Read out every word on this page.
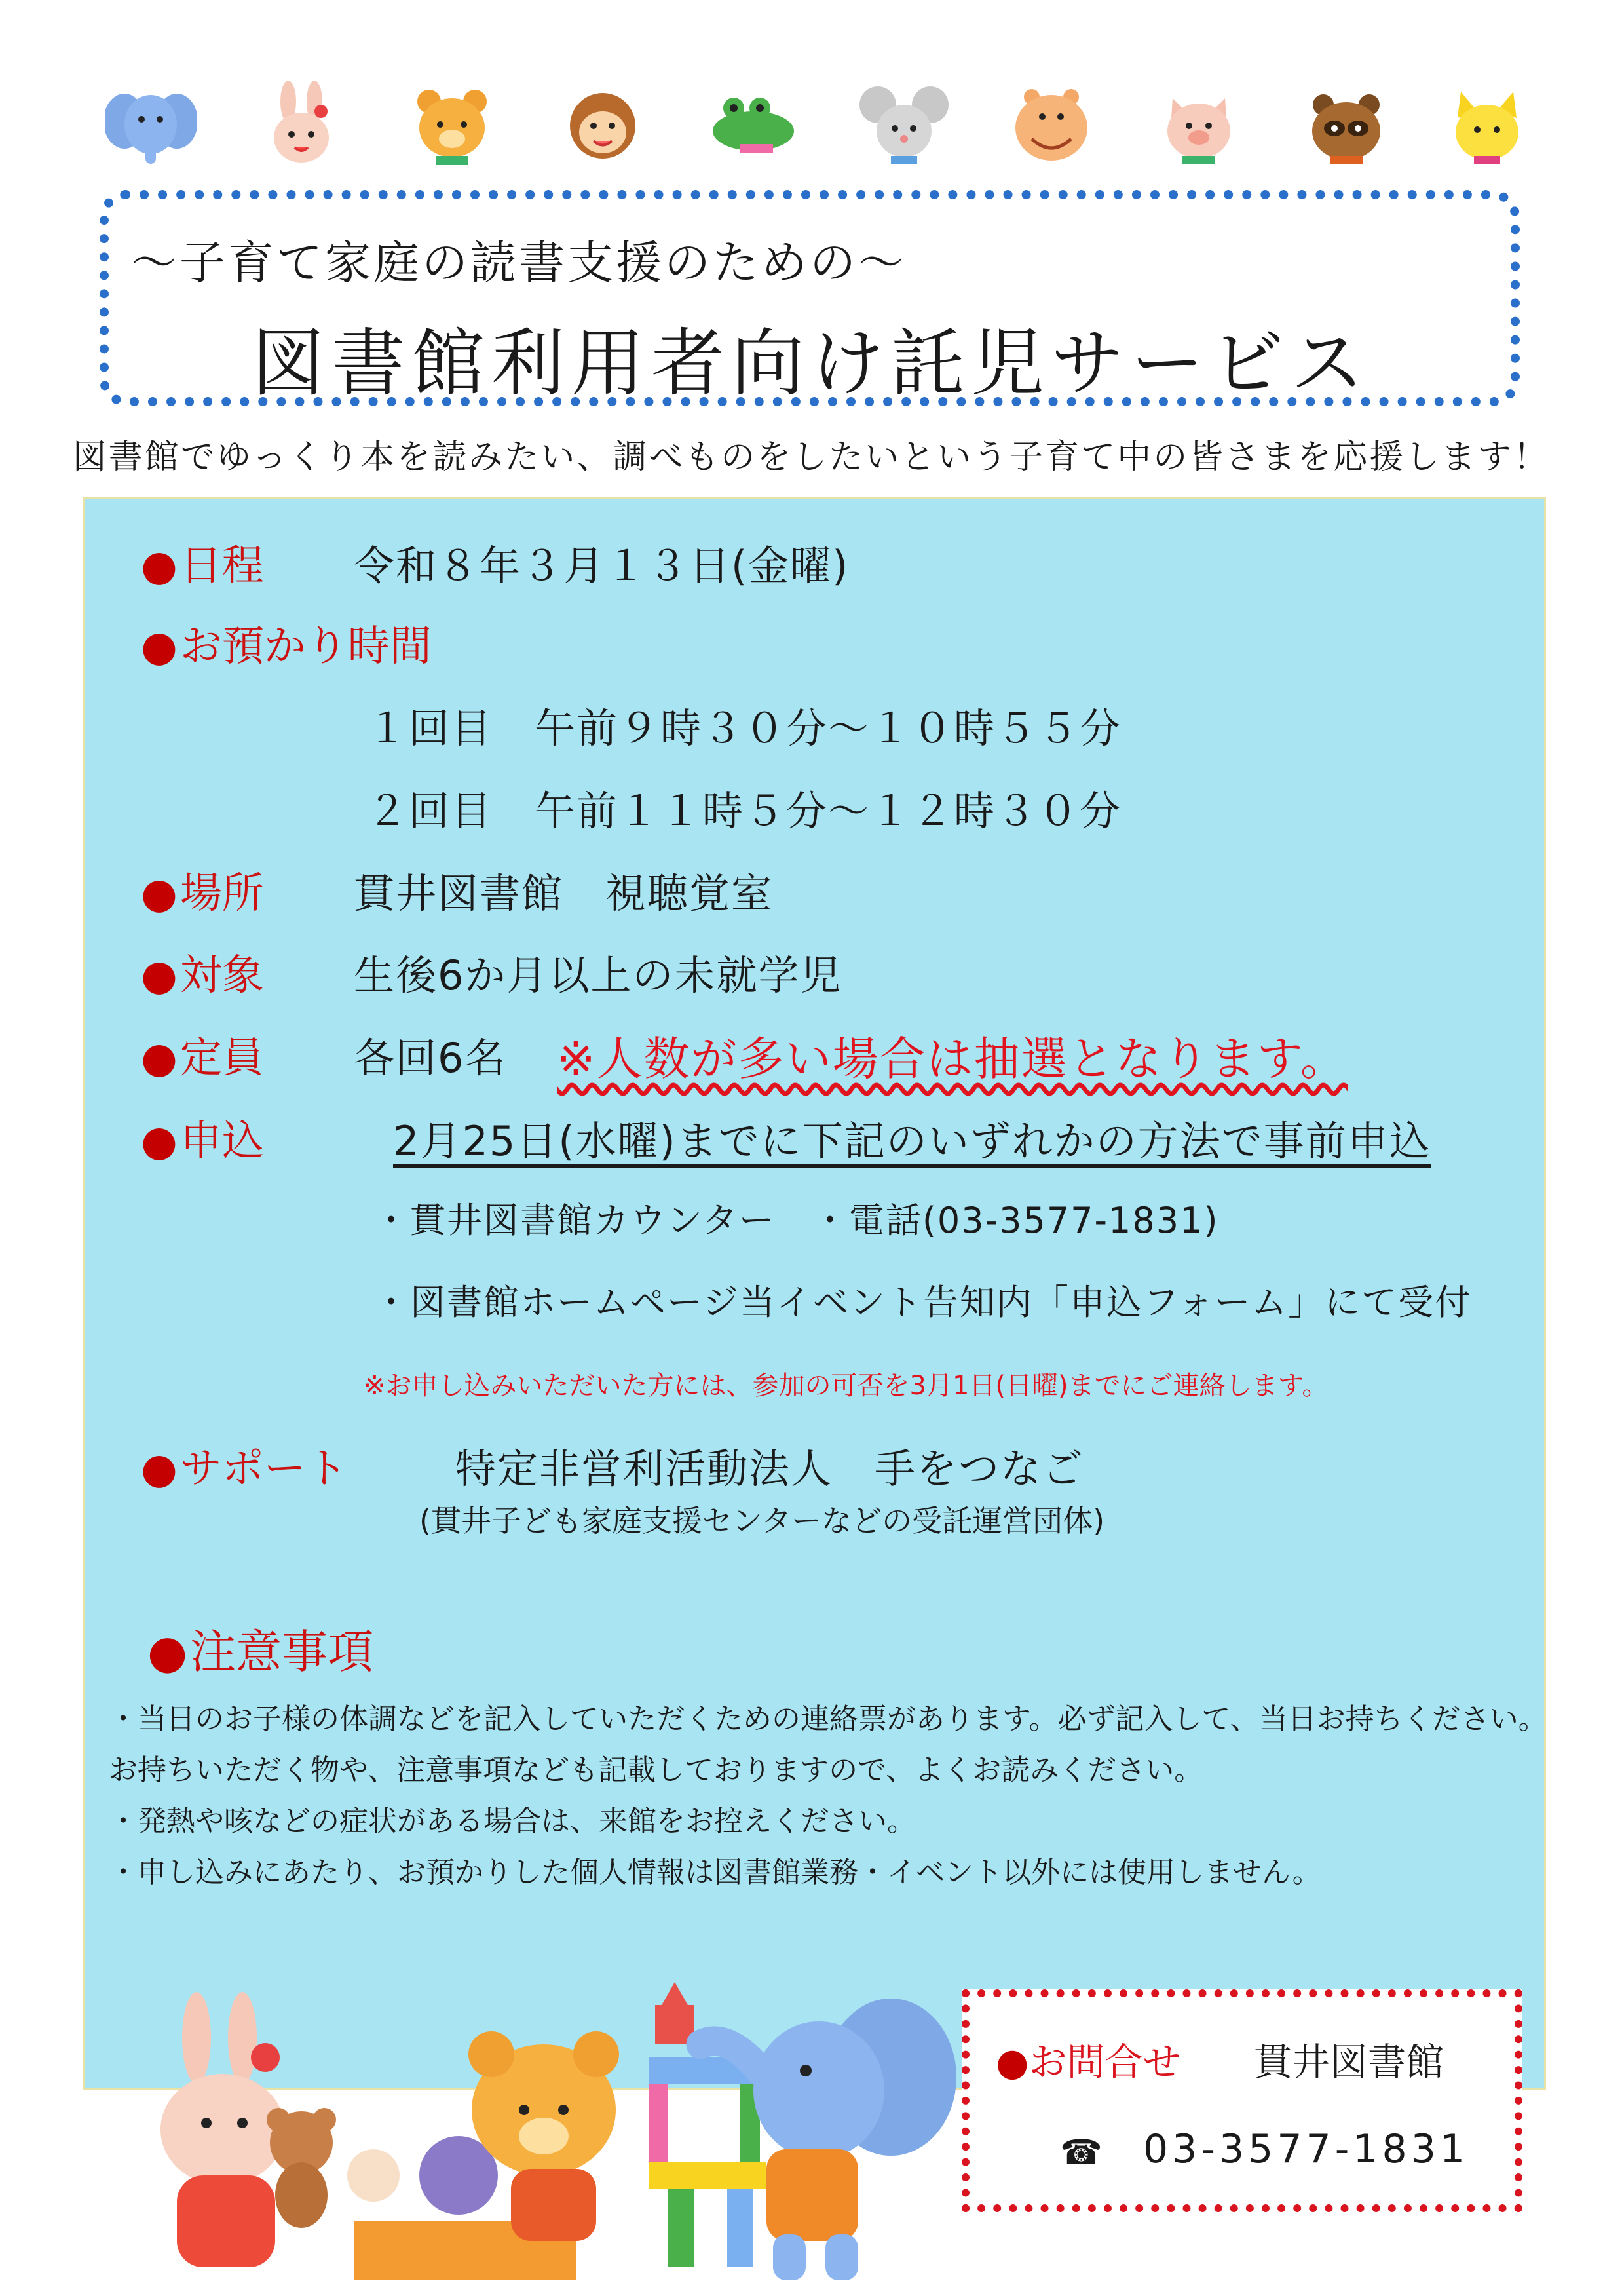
〜子育て家庭の読書支援のための〜
図書館利用者向け託児サービス
図書館でゆっくり本を読みたい、調べものをしたいという子育て中の皆さまを応援します！
●日程 令和８年３月１３日(金曜)
●お預かり時間
１回目　午前９時３０分〜１０時５５分
２回目　午前１１時５分〜１２時３０分
●場所 貫井図書館　視聴覚室
●対象 生後6か月以上の未就学児
●定員 各回6名 ※人数が多い場合は抽選となります。
●申込	2月25日(水曜)までに下記のいずれかの方法で事前申込
・貫井図書館カウンター　・電話(03-3577-1831)
・図書館ホームページ当イベント告知内「申込フォーム」にて受付
※お申し込みいただいた方には、参加の可否を3月1日(日曜)までにご連絡します。
●サポート	特定非営利活動法人　手をつなご
(貫井子ども家庭支援センターなどの受託運営団体)
●注意事項
・当日のお子様の体調などを記入していただくための連絡票があります。必ず記入して、当日お持ちください。
お持ちいただく物や、注意事項なども記載しておりますので、よくお読みください。
・発熱や咳などの症状がある場合は、来館をお控えください。
・申し込みにあたり、お預かりした個人情報は図書館業務・イベント以外には使用しません。
●お問合せ 貫井図書館
☎ 03-3577-1831
